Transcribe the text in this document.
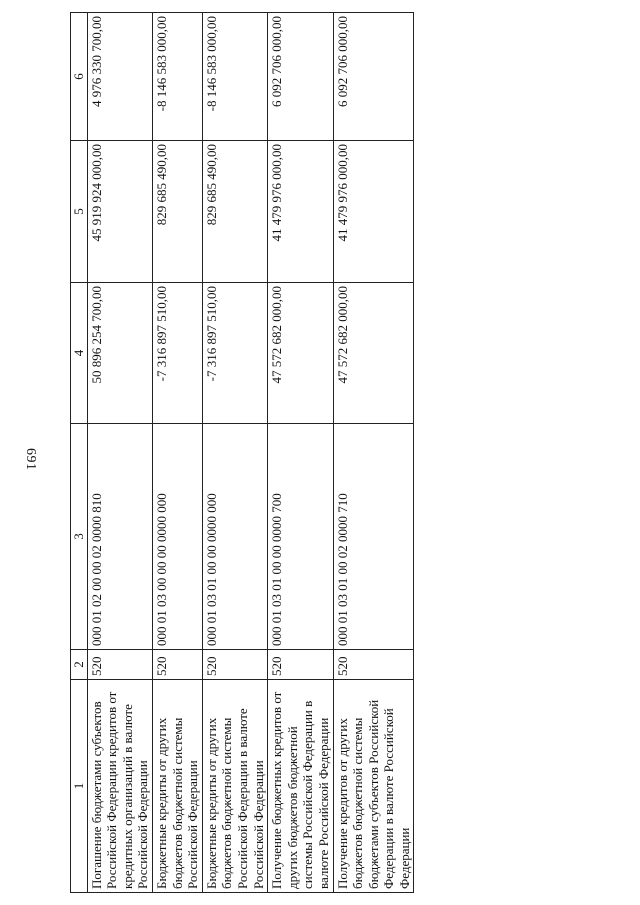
691
1	2	3	4	5	6
Погашение бюджетами субъектов Российской Федерации кредитов от кредитных организаций в валюте Российской Федерации	520	000 01 02 00 00 02 0000 810	50 896 254 700,00	45 919 924 000,00	4 976 330 700,00
Бюджетные кредиты от других бюджетов бюджетной системы Российской Федерации	520	000 01 03 00 00 00 0000 000	-7 316 897 510,00	829 685 490,00	-8 146 583 000,00
Бюджетные кредиты от других бюджетов бюджетной системы Российской Федерации в валюте Российской Федерации	520	000 01 03 01 00 00 0000 000	-7 316 897 510,00	829 685 490,00	-8 146 583 000,00
Получение бюджетных кредитов от других бюджетов бюджетной системы Российской Федерации в валюте Российской Федерации	520	000 01 03 01 00 00 0000 700	47 572 682 000,00	41 479 976 000,00	6 092 706 000,00
Получение кредитов от других бюджетов бюджетной системы бюджетами субъектов Российской Федерации в валюте Российской Федерации	520	000 01 03 01 00 02 0000 710	47 572 682 000,00	41 479 976 000,00	6 092 706 000,00
